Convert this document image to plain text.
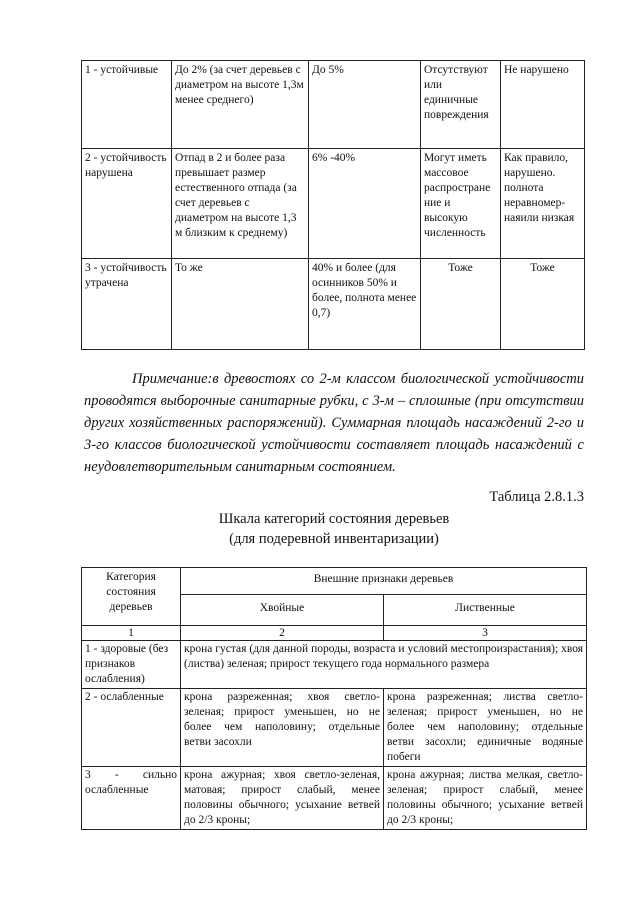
1 - устойчивые	До 2% (за счет деревьев с диаметром на высоте 1,3м менее среднего)	До 5%	Отсутствуют или единичные повреждения	Не нарушено
2 - устойчивость нарушена	Отпад в 2 и более раза превышает размер естественного отпада (за счет деревьев с диаметром на высоте 1,3 м близким к среднему)	6% -40%	Могут иметь массовое распростране ние и высокую численность	Как правило, нарушено. полнота неравномер-наяили низкая
3 - устойчивость утрачена	То же	40% и более (для осинников 50% и более, полнота менее 0,7)	Тоже	Тоже

Примечание:в древостоях со 2-м классом биологической устойчивости проводятся выборочные санитарные рубки, с 3-м – сплошные (при отсутствии других хозяйственных распоряжений). Суммарная площадь насаждений 2-го и 3-го классов биологической устойчивости составляет площадь насаждений с неудовлетворительным санитарным состоянием.

Таблица 2.8.1.3
Шкала категорий состояния деревьев
(для подеревной инвентаризации)
Категория состояния деревьев	Внешние признаки деревьев	
	Хвойные	Лиственные
1	2	3
1 - здоровые (без признаков ослабления)	крона густая (для данной породы, возраста и условий местопроизрастания); хвоя (листва) зеленая; прирост текущего года нормального размера	
2 - ослабленные	крона разреженная; хвоя светло-зеленая; прирост уменьшен, но не более чем наполовину; отдельные ветви засохли	крона разреженная; листва светло-зеленая; прирост уменьшен, но не более чем наполовину; отдельные ветви засохли; единичные водяные побеги
3 - сильно ослабленные	крона ажурная; хвоя светло-зеленая, матовая; прирост слабый, менее половины обычного; усыхание ветвей до 2/3 кроны;	крона ажурная; листва мелкая, светло-зеленая; прирост слабый, менее половины обычного; усыхание ветвей до 2/3 кроны;
